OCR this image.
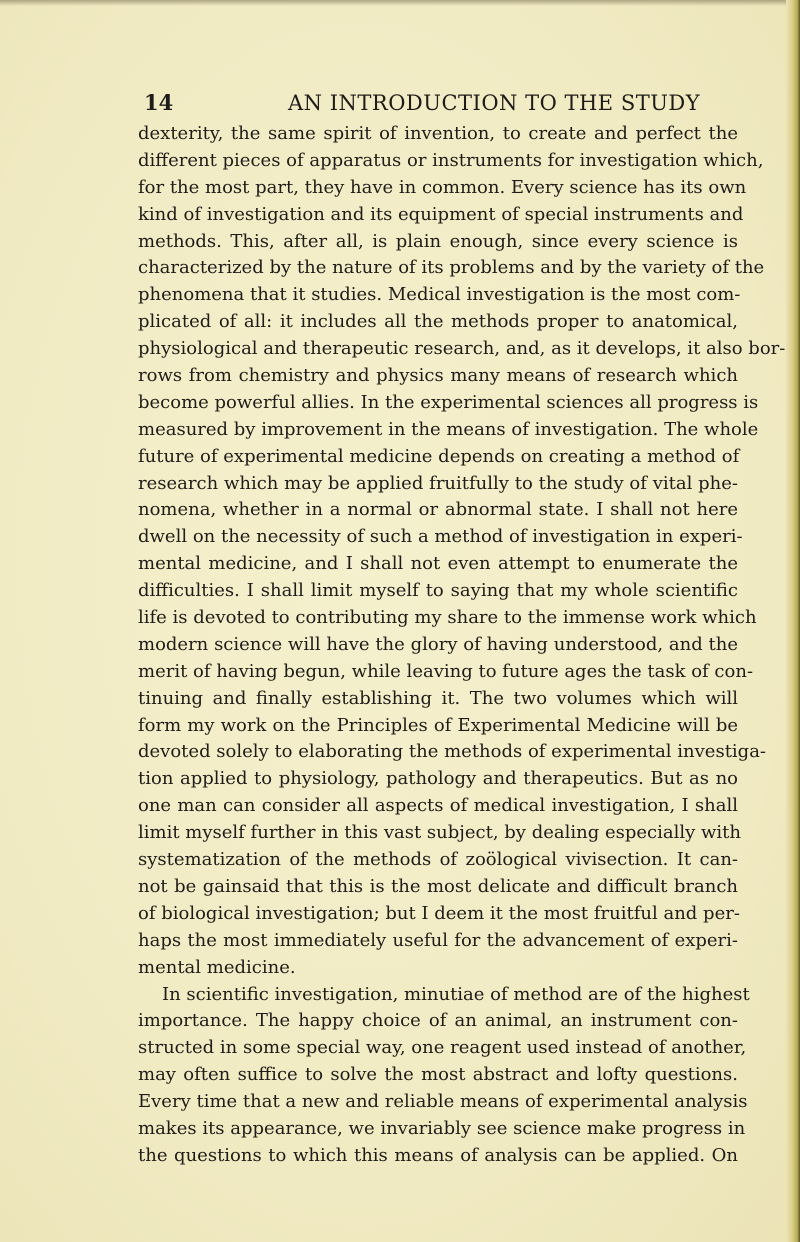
14	AN INTRODUCTION TO THE STUDY
dexterity, the same spirit of invention, to create and perfect the
different pieces of apparatus or instruments for investigation which,
for the most part, they have in common. Every science has its own
kind of investigation and its equipment of special instruments and
methods. This, after all, is plain enough, since every science is
characterized by the nature of its problems and by the variety of the
phenomena that it studies. Medical investigation is the most com-
plicated of all: it includes all the methods proper to anatomical,
physiological and therapeutic research, and, as it develops, it also bor-
rows from chemistry and physics many means of research which
become powerful allies. In the experimental sciences all progress is
measured by improvement in the means of investigation. The whole
future of experimental medicine depends on creating a method of
research which may be applied fruitfully to the study of vital phe-
nomena, whether in a normal or abnormal state. I shall not here
dwell on the necessity of such a method of investigation in experi-
mental medicine, and I shall not even attempt to enumerate the
difficulties. I shall limit myself to saying that my whole scientific
life is devoted to contributing my share to the immense work which
modern science will have the glory of having understood, and the
merit of having begun, while leaving to future ages the task of con-
tinuing and finally establishing it. The two volumes which will
form my work on the Principles of Experimental Medicine will be
devoted solely to elaborating the methods of experimental investiga-
tion applied to physiology, pathology and therapeutics. But as no
one man can consider all aspects of medical investigation, I shall
limit myself further in this vast subject, by dealing especially with
systematization of the methods of zoölogical vivisection. It can-
not be gainsaid that this is the most delicate and difficult branch
of biological investigation; but I deem it the most fruitful and per-
haps the most immediately useful for the advancement of experi-
mental medicine.
In scientific investigation, minutiae of method are of the highest
importance. The happy choice of an animal, an instrument con-
structed in some special way, one reagent used instead of another,
may often suffice to solve the most abstract and lofty questions.
Every time that a new and reliable means of experimental analysis
makes its appearance, we invariably see science make progress in
the questions to which this means of analysis can be applied. On
